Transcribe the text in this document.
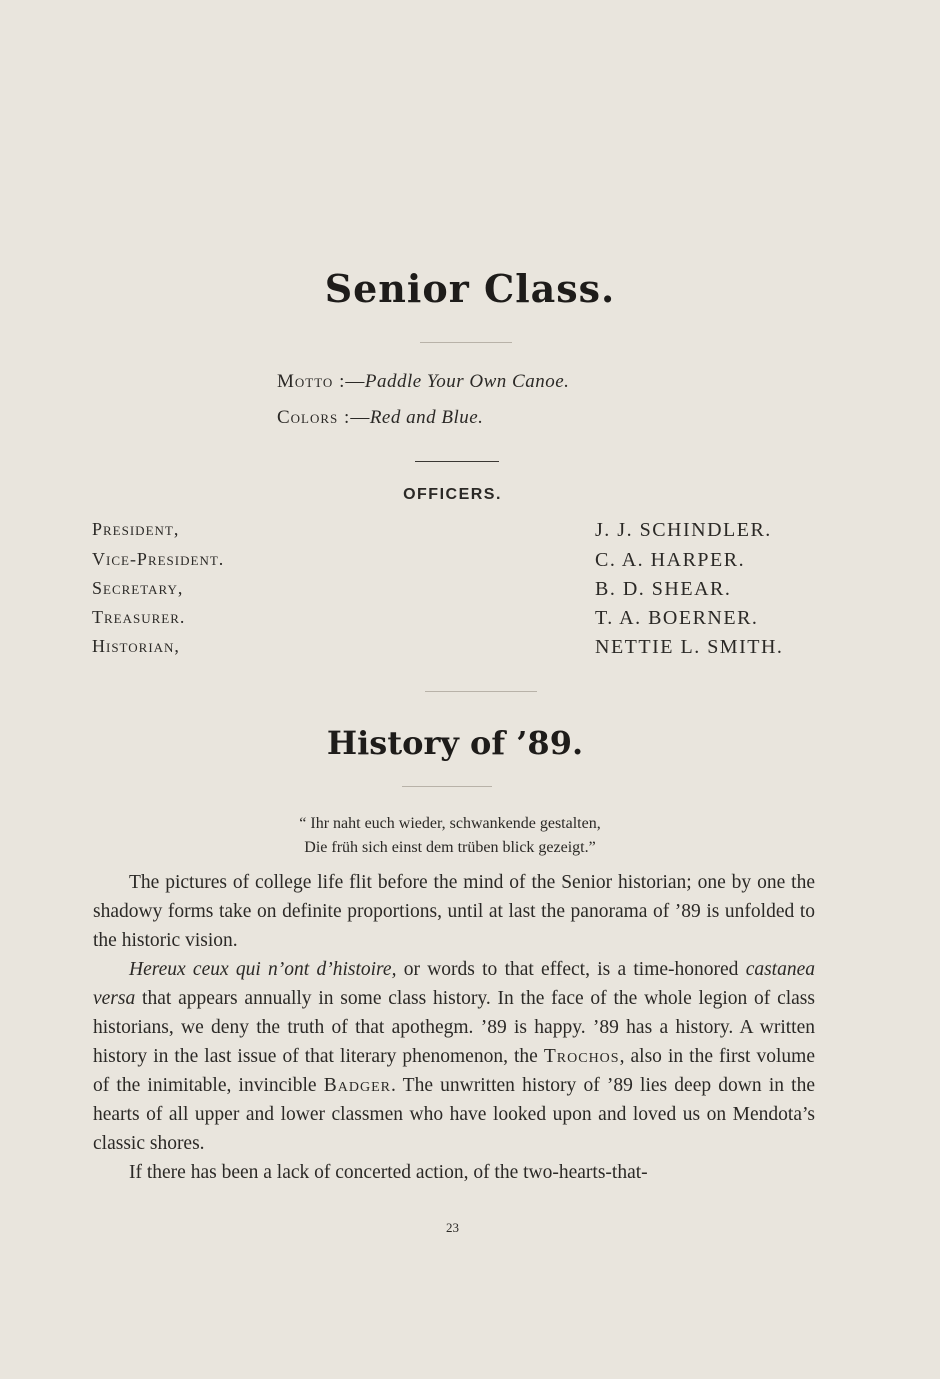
Senior Class.
Motto :—Paddle Your Own Canoe.
Colors :—Red and Blue.
OFFICERS.
President,	J. J. SCHINDLER.
Vice-President.	C. A. HARPER.
Secretary,	B. D. SHEAR.
Treasurer.	T. A. BOERNER.
Historian,	NETTIE L. SMITH.
History of ’89.
“ Ihr naht euch wieder, schwankende gestalten,
Die früh sich einst dem trüben blick gezeigt.”

The pictures of college life flit before the mind of the Senior historian; one by one the shadowy forms take on definite proportions, until at last the panorama of ’89 is unfolded to the historic vision.

Hereux ceux qui n’ont d’histoire, or words to that effect, is a time-honored castanea versa that appears annually in some class history. In the face of the whole legion of class historians, we deny the truth of that apothegm. ’89 is happy. ’89 has a history. A written history in the last issue of that literary phenomenon, the Trochos, also in the first volume of the inimitable, invincible Badger. The unwritten history of ’89 lies deep down in the hearts of all upper and lower classmen who have looked upon and loved us on Mendota’s classic shores.

If there has been a lack of concerted action, of the two-hearts-that-

23
